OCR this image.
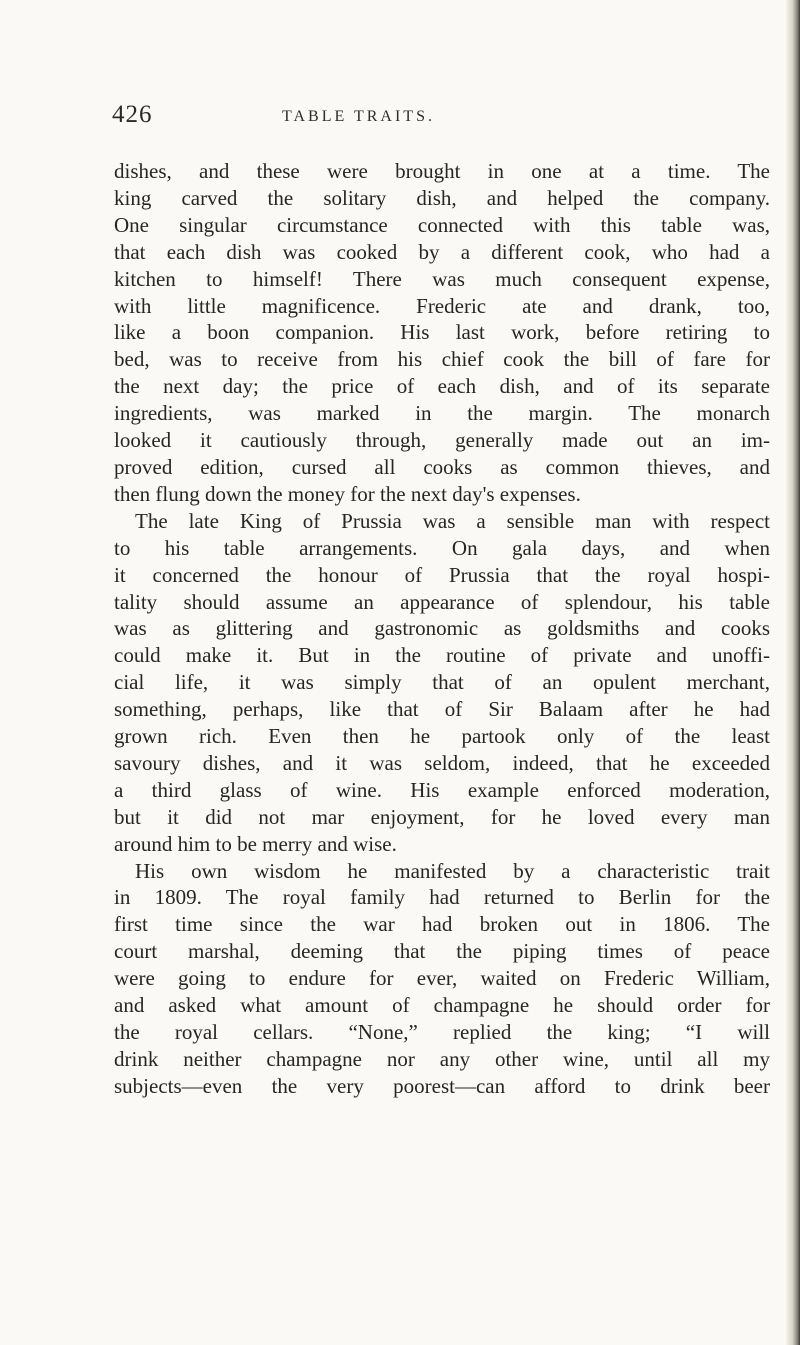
426	TABLE TRAITS.
dishes, and these were brought in one at a time. The
king carved the solitary dish, and helped the company.
One singular circumstance connected with this table was,
that each dish was cooked by a different cook, who had a
kitchen to himself! There was much consequent expense,
with little magnificence. Frederic ate and drank, too,
like a boon companion. His last work, before retiring to
bed, was to receive from his chief cook the bill of fare for
the next day; the price of each dish, and of its separate
ingredients, was marked in the margin. The monarch
looked it cautiously through, generally made out an im-
proved edition, cursed all cooks as common thieves, and
then flung down the money for the next day's expenses.
The late King of Prussia was a sensible man with respect
to his table arrangements. On gala days, and when
it concerned the honour of Prussia that the royal hospi-
tality should assume an appearance of splendour, his table
was as glittering and gastronomic as goldsmiths and cooks
could make it. But in the routine of private and unoffi-
cial life, it was simply that of an opulent merchant,
something, perhaps, like that of Sir Balaam after he had
grown rich. Even then he partook only of the least
savoury dishes, and it was seldom, indeed, that he exceeded
a third glass of wine. His example enforced moderation,
but it did not mar enjoyment, for he loved every man
around him to be merry and wise.
His own wisdom he manifested by a characteristic trait
in 1809. The royal family had returned to Berlin for the
first time since the war had broken out in 1806. The
court marshal, deeming that the piping times of peace
were going to endure for ever, waited on Frederic William,
and asked what amount of champagne he should order for
the royal cellars. “None,” replied the king; “I will
drink neither champagne nor any other wine, until all my
subjects—even the very poorest—can afford to drink beer
